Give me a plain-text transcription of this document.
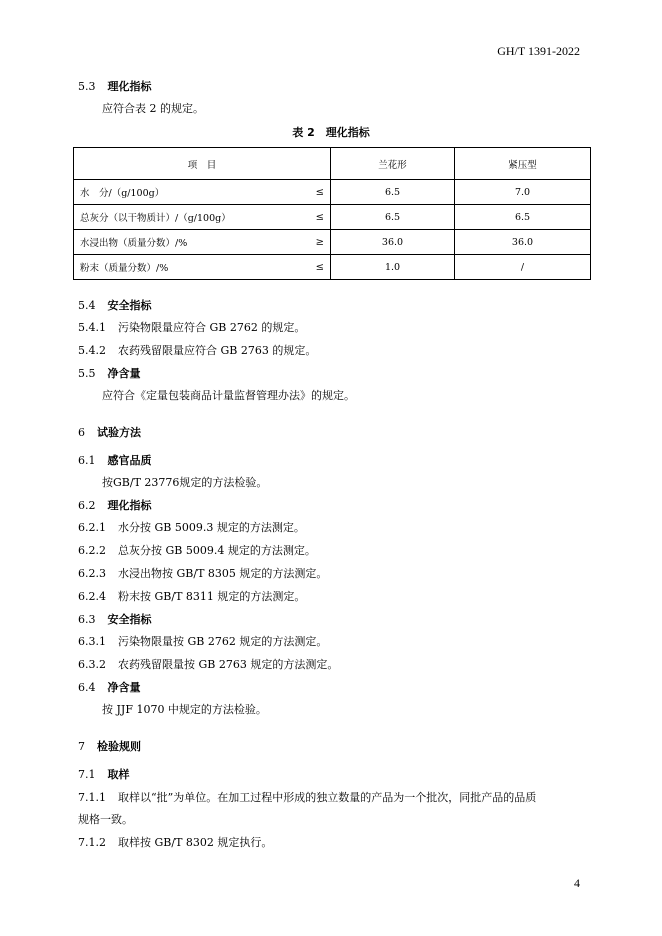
GH/T 1391-2022
5.3 理化指标
应符合表 2 的规定。
表 2　理化指标
项　目	兰花形	紧压型

水　分/（g/100g） ≤	6.5	7.0

总灰分（以干物质计）/（g/100g） ≤	6.5	6.5

水浸出物（质量分数）/% ≥	36.0	36.0

粉末（质量分数）/% ≤	1.0	/
5.4 安全指标
5.4.1 污染物限量应符合 GB 2762 的规定。
5.4.2 农药残留限量应符合 GB 2763 的规定。
5.5 净含量
应符合《定量包装商品计量监督管理办法》的规定。
6 试验方法
6.1 感官品质
按GB/T 23776规定的方法检验。
6.2 理化指标
6.2.1 水分按 GB 5009.3 规定的方法测定。
6.2.2 总灰分按 GB 5009.4 规定的方法测定。
6.2.3 水浸出物按 GB/T 8305 规定的方法测定。
6.2.4 粉末按 GB/T 8311 规定的方法测定。
6.3 安全指标
6.3.1 污染物限量按 GB 2762 规定的方法测定。
6.3.2 农药残留限量按 GB 2763 规定的方法测定。
6.4 净含量
按 JJF 1070 中规定的方法检验。
7 检验规则
7.1 取样
7.1.1 取样以“批”为单位。在加工过程中形成的独立数量的产品为一个批次，同批产品的品质
规格一致。
7.1.2 取样按 GB/T 8302 规定执行。
4
